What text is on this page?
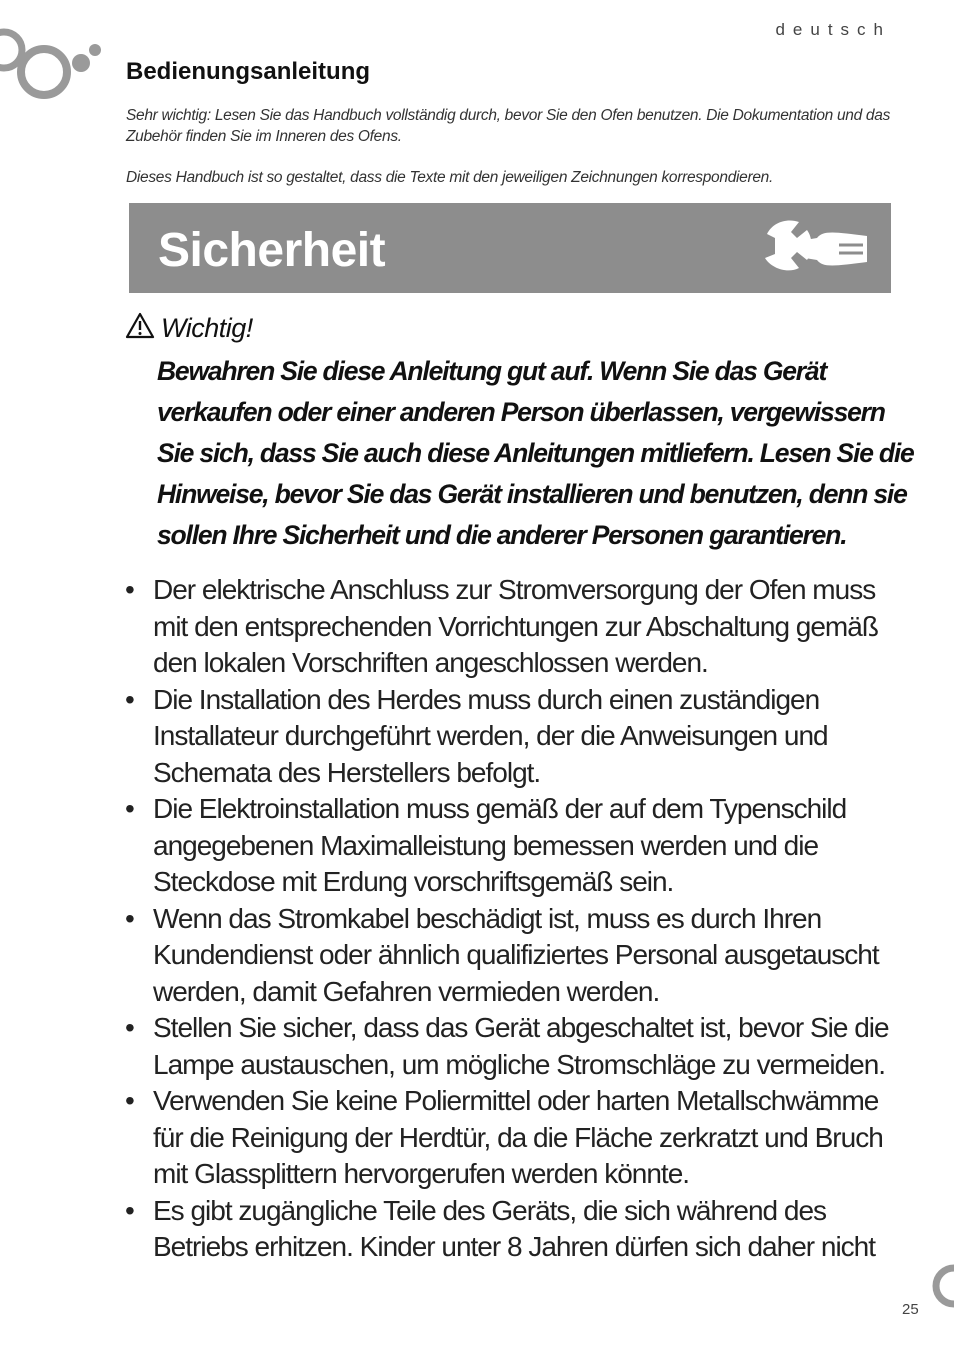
deutsch
Bedienungsanleitung

Sehr wichtig: Lesen Sie das Handbuch vollständig durch, bevor Sie den Ofen benutzen. Die Dokumentation und das Zubehör finden Sie im Inneren des Ofens.

Dieses Handbuch ist so gestaltet, dass die Texte mit den jeweiligen Zeichnungen korrespondieren.

Sicherheit
Wichtig!

Bewahren Sie diese Anleitung gut auf. Wenn Sie das Gerät verkaufen oder einer anderen Person überlassen, vergewissern Sie sich, dass Sie auch diese Anleitungen mitliefern. Lesen Sie die Hinweise, bevor Sie das Gerät installieren und benutzen, denn sie sollen Ihre Sicherheit und die anderer Personen garantieren.

• Der elektrische Anschluss zur Stromversorgung der Ofen muss mit den entsprechenden Vorrichtungen zur Abschaltung gemäß den lokalen Vorschriften angeschlossen werden.
• Die Installation des Herdes muss durch einen zuständigen Installateur durchgeführt werden, der die Anweisungen und Schemata des Herstellers befolgt.
• Die Elektroinstallation muss gemäß der auf dem Typenschild angegebenen Maximalleistung bemessen werden und die Steckdose mit Erdung vorschriftsgemäß sein.
• Wenn das Stromkabel beschädigt ist, muss es durch Ihren Kundendienst oder ähnlich qualifiziertes Personal ausgetauscht werden, damit Gefahren vermieden werden.
• Stellen Sie sicher, dass das Gerät abgeschaltet ist, bevor Sie die Lampe austauschen, um mögliche Stromschläge zu vermeiden.
• Verwenden Sie keine Poliermittel oder harten Metallschwämme für die Reinigung der Herdtür, da die Fläche zerkratzt und Bruch mit Glassplittern hervorgerufen werden könnte.
• Es gibt zugängliche Teile des Geräts, die sich während des Betriebs erhitzen. Kinder unter 8 Jahren dürfen sich daher nicht
25
